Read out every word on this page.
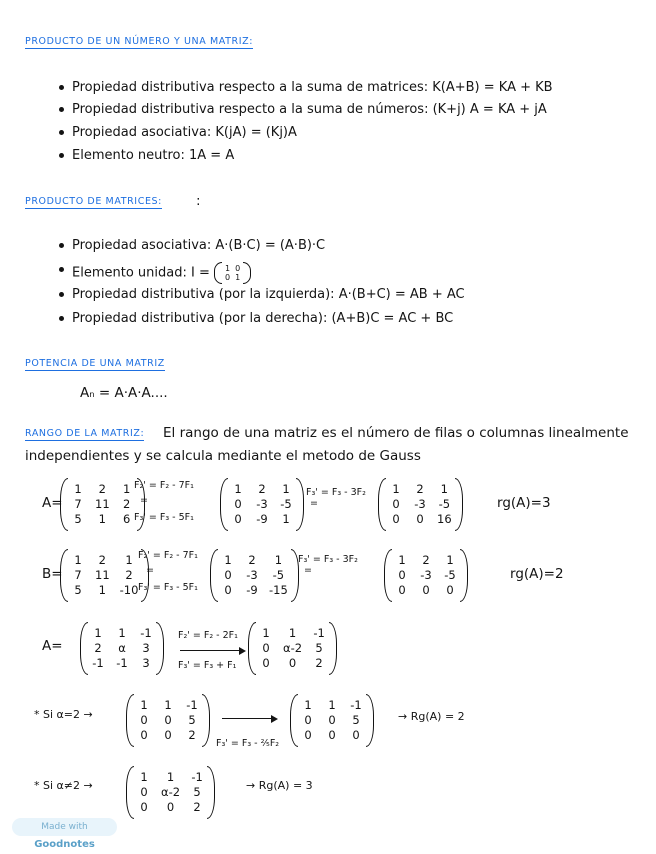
PRODUCTO DE UN NÚMERO Y UNA MATRIZ:
Propiedad distributiva respecto a la suma de matrices: K(A+B) = KA + KB
Propiedad distributiva respecto a la suma de números: (K+j) A = KA + jA
Propiedad asociativa: K(jA) = (Kj)A
Elemento neutro: 1A = A
PRODUCTO DE MATRICES:	:
Propiedad asociativa: A·(B·C) = (A·B)·C
Elemento unidad: I = 1 0
0 1
Propiedad distributiva (por la izquierda): A·(B+C) = AB + AC
Propiedad distributiva (por la derecha): (A+B)C = AC + BC
POTENCIA DE UNA MATRIZ
Aₙ = A·A·A....
RANGO DE LA MATRIZ: El rango de una matriz es el número de filas o columnas linealmente
independientes y se calcula mediante el metodo de Gauss
A=
1	2	1
7 11 2
5	1	6
F₂' = F₂ - 7F₁
=
F₃' = F₃ - 5F₁
1 2 1
0 -3 -5
0 -9 1
F₃' = F₃ - 3F₂
=
1 2	1
0 -3 -5
0 0 16
rg(A)=3
B=
1	2	1
7 11	2
5	1	-10
F₂' = F₂ - 7F₁
=
F₃' = F₃ - 5F₁
1 2	1
0 -3	-5
0 -9 -15
F₃' = F₃ - 3F₂
=
1 2 1
0 -3 -5
0 0 0
rg(A)=2
A=
1 1 -1
2 α 3
-1 -1 3
F₂' = F₂ - 2F₁
F₃' = F₃ + F₁
1	1	-1
0 α-2 5
0	0	2
* Si α=2 →
1 1 -1
0 0 5
0 0 2
F₃' = F₃ - ²⁄₅F₂
1 1 -1
0 0 5
0 0 0
→ Rg(A) = 2
* Si α≠2 →
1	1	-1
0 α-2 5
0	0	2
→ Rg(A) = 3
Made with Goodnotes
